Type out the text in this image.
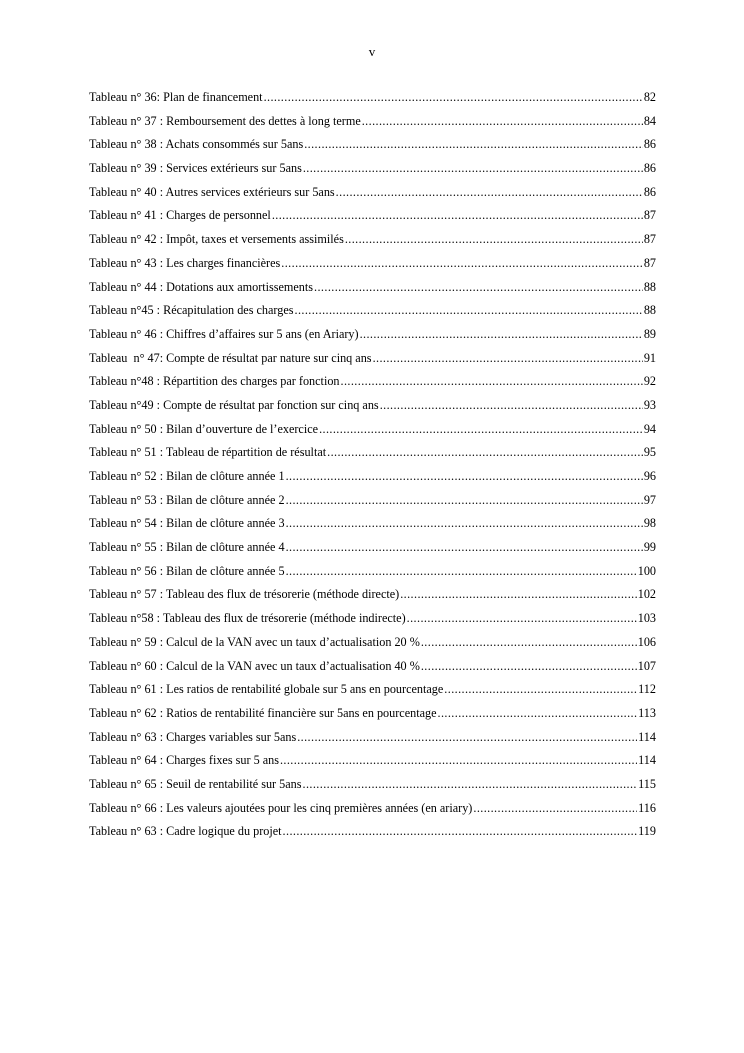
v
Tableau n° 36: Plan de financement .....	82
Tableau n° 37 : Remboursement des dettes à long terme .....	84
Tableau n° 38 : Achats consommés sur 5ans .....	86
Tableau n° 39 : Services extérieurs sur 5ans .....	86
Tableau n° 40 : Autres services extérieurs sur 5ans .....	86
Tableau n° 41 : Charges de personnel .....	87
Tableau n° 42 : Impôt, taxes et versements assimilés .....	87
Tableau n° 43 : Les charges financières .....	87
Tableau n° 44 : Dotations aux amortissements .....	88
Tableau n°45 : Récapitulation des charges .....	88
Tableau n° 46 : Chiffres d’affaires sur 5 ans (en Ariary) .....	89
Tableau  n° 47: Compte de résultat par nature sur cinq ans .....	91
Tableau n°48 : Répartition des charges par fonction .....	92
Tableau n°49 : Compte de résultat par fonction sur cinq ans .....	93
Tableau n° 50 : Bilan d’ouverture de l’exercice .....	94
Tableau n° 51 : Tableau de répartition de résultat .....	95
Tableau n° 52 : Bilan de clôture année 1 .....	96
Tableau n° 53 : Bilan de clôture année 2 .....	97
Tableau n° 54 : Bilan de clôture année 3 .....	98
Tableau n° 55 : Bilan de clôture année 4 .....	99
Tableau n° 56 : Bilan de clôture année 5 .....	100
Tableau n° 57 : Tableau des flux de trésorerie (méthode directe) .....	102
Tableau n°58 : Tableau des flux de trésorerie (méthode indirecte) .....	103
Tableau n° 59 : Calcul de la VAN avec un taux d’actualisation 20 % .....	106
Tableau n° 60 : Calcul de la VAN avec un taux d’actualisation 40 % .....	107
Tableau n° 61 : Les ratios de rentabilité globale sur 5 ans en pourcentage .....	112
Tableau n° 62 : Ratios de rentabilité financière sur 5ans en pourcentage .....	113
Tableau n° 63 : Charges variables sur 5ans .....	114
Tableau n° 64 : Charges fixes sur 5 ans .....	114
Tableau n° 65 : Seuil de rentabilité sur 5ans .....	115
Tableau n° 66 : Les valeurs ajoutées pour les cinq premières années (en ariary) .....	116
Tableau n° 63 : Cadre logique du projet .....	119
